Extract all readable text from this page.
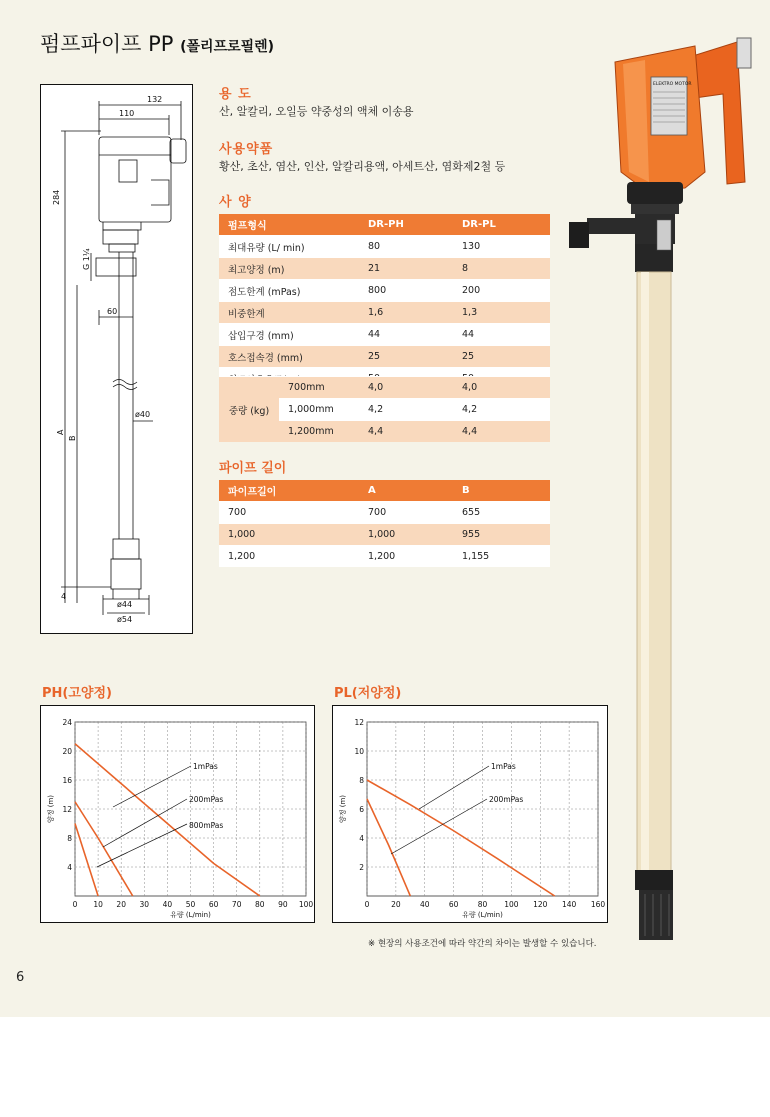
펌프파이프 PP (폴리프로필렌)
132
110
284
G 1¼
60
A
B
ø40
4
ø44
ø54
용 도
산, 알칼리, 오일등 약중성의 액체 이송용
사용약품
황산, 초산, 염산, 인산, 알칼리용액, 아세트산, 염화제2철 등
사 양
펌프형식	DR-PH	DR-PL
최대유량 (L/ min)	80	130
최고양정 (m)	21	8
점도한계 (mPas)	800	200
비중한계	1,6	1,3
삽입구경 (mm)	44	44
호스접속경 (mm)	25	25

중량 (kg)	700mm	4,0	4,0
	1,000mm	4,2	4,2
	1,200mm	4,4	4,4
파이프 길이
파이프길이	A	B
700	700	655
1,000	1,000	955
1,200	1,200	1,155
ELEKTRO MOTOR
PH(고양정)	PL(저양정)
0 10 20 30 40 50 60 70 80 90 100
4
8
12
16
20
24
유량 (L/min)
양정 (m)
1mPas
200mPas
800mPas
0	20	40	60	80 100 120 140 160
2
4
6
8
10
12
유량 (L/min)
양정 (m)
1mPas
200mPas
※ 현장의 사용조건에 따라 약간의 차이는 발생할 수 있습니다.
6
